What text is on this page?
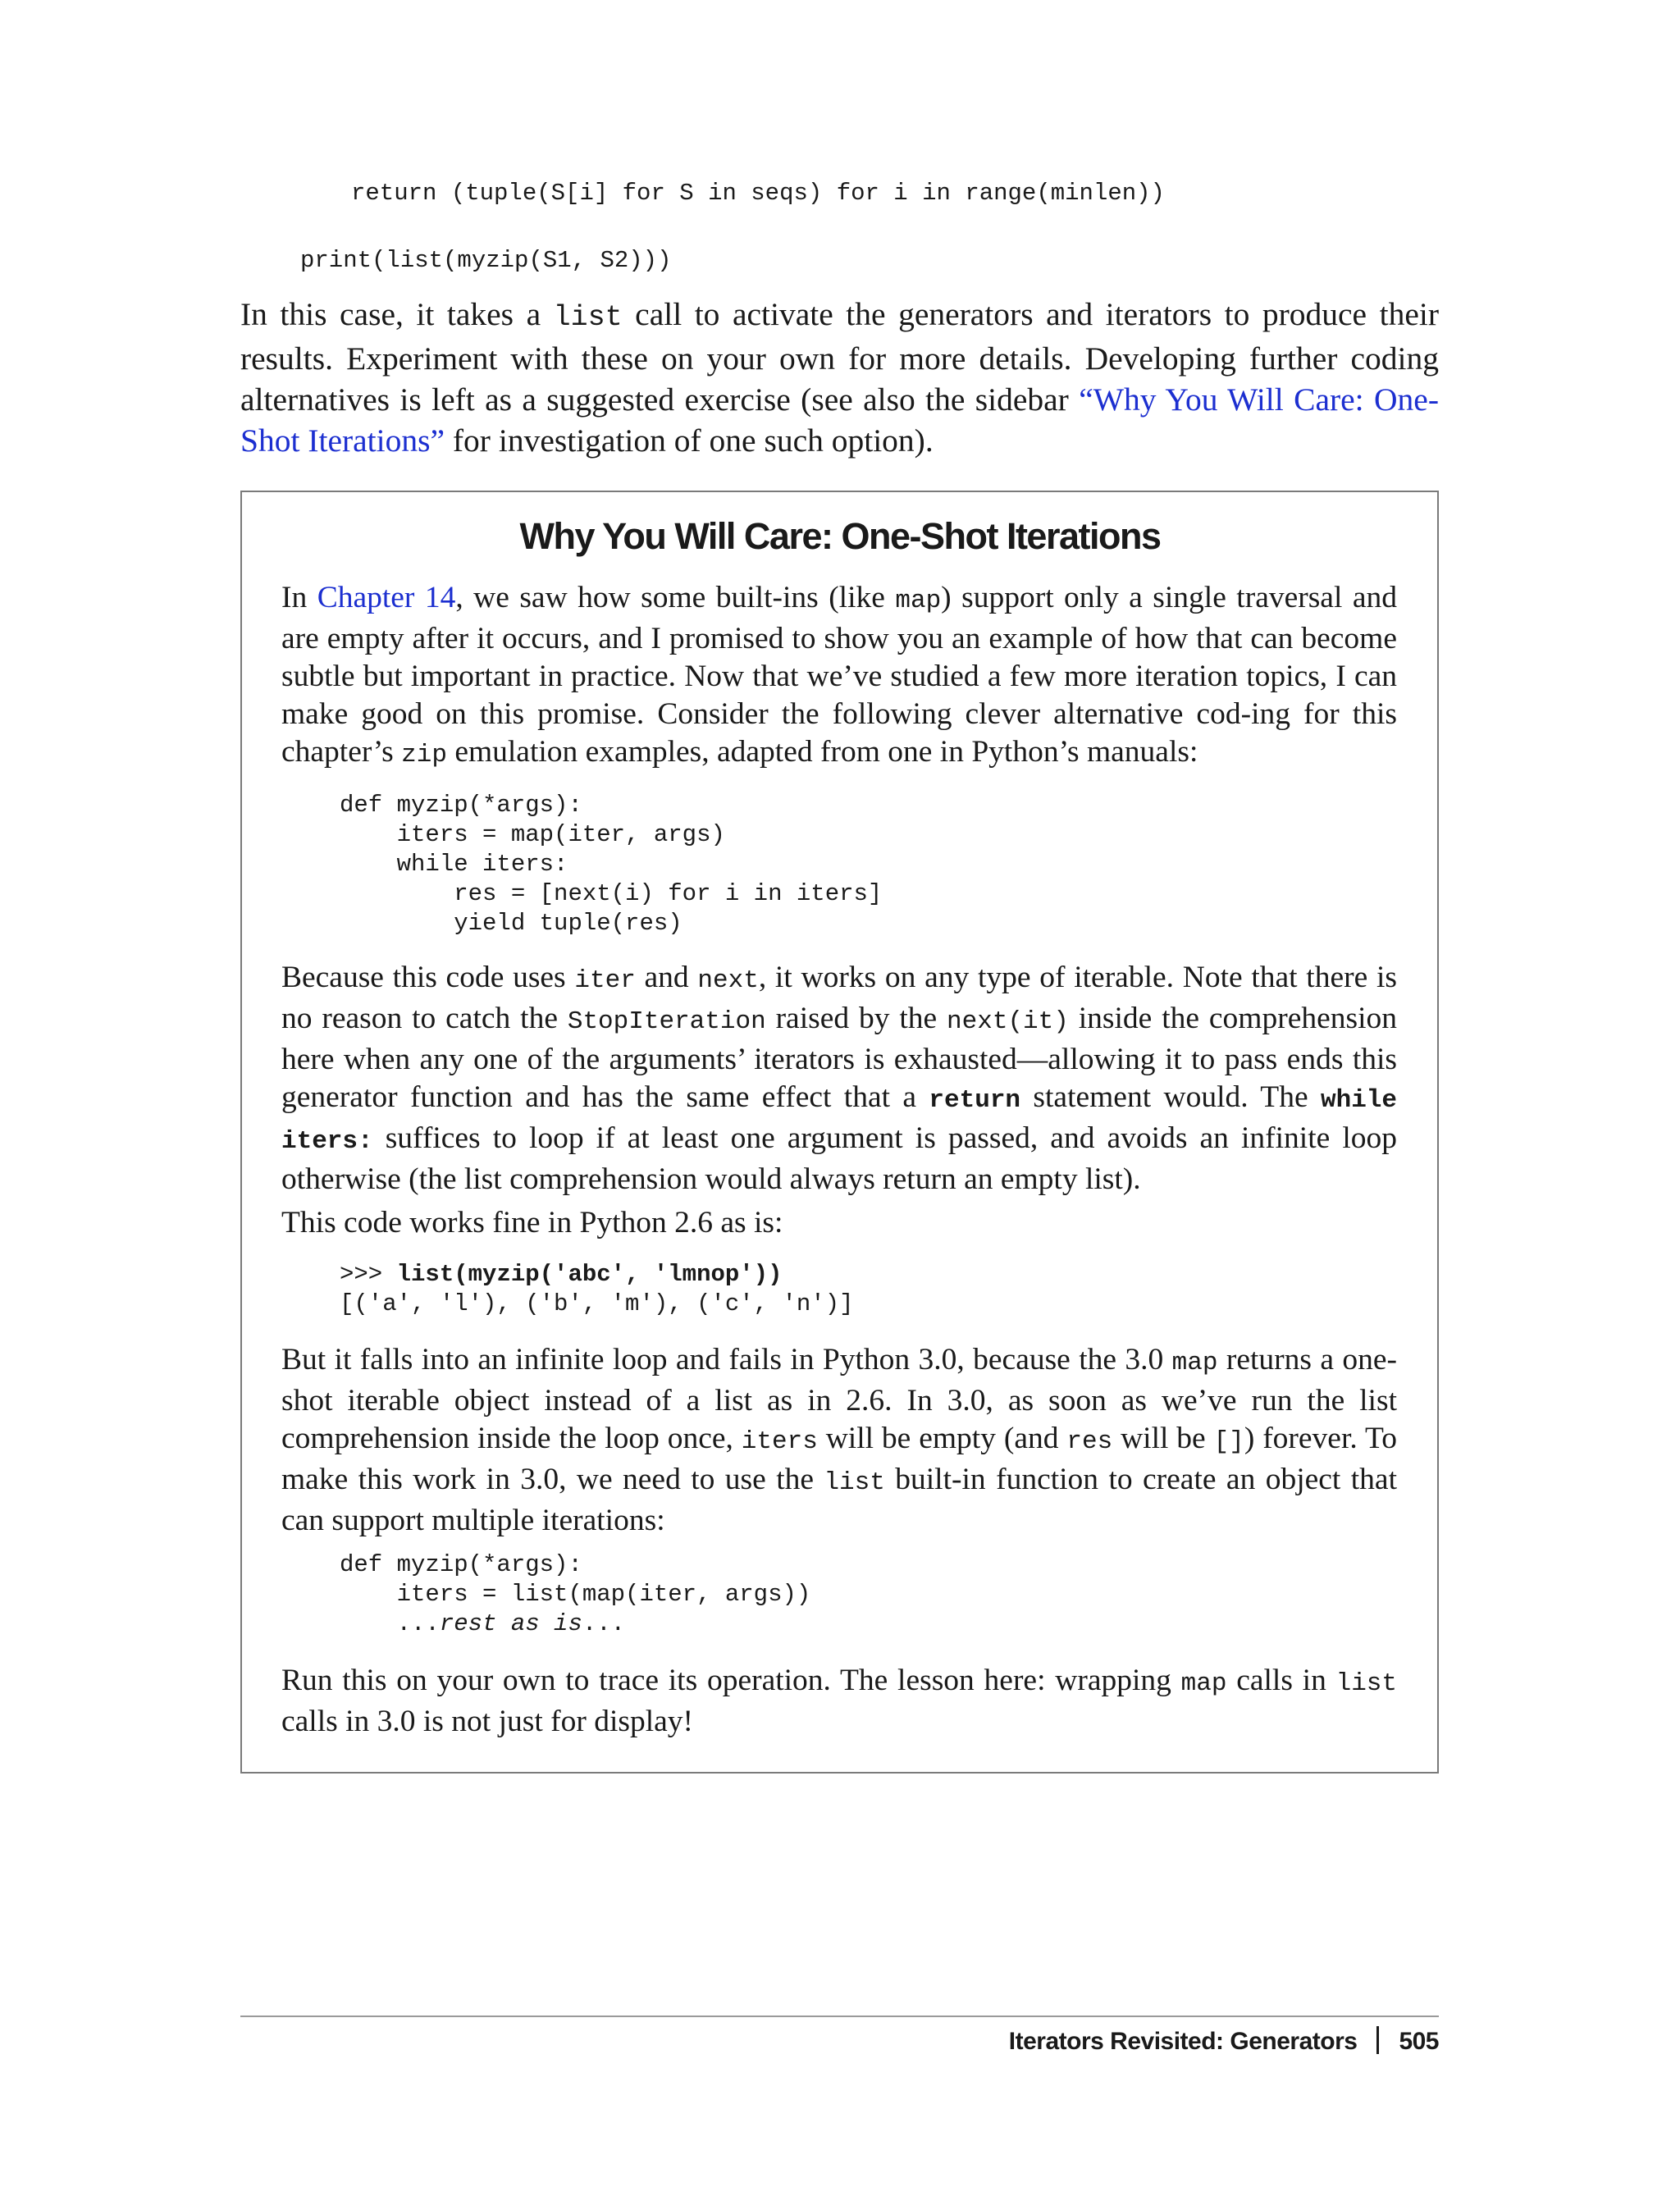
return (tuple(S[i] for S in seqs) for i in range(minlen))
print(list(myzip(S1, S2)))

In this case, it takes a list call to activate the generators and iterators to produce their results. Experiment with these on your own for more details. Developing further coding alternatives is left as a suggested exercise (see also the sidebar “Why You Will Care: One-Shot Iterations” for investigation of one such option).

Why You Will Care: One-Shot Iterations

In Chapter 14, we saw how some built-ins (like map) support only a single traversal and are empty after it occurs, and I promised to show you an example of how that can become subtle but important in practice. Now that we’ve studied a few more iteration topics, I can make good on this promise. Consider the following clever alternative cod-ing for this chapter’s zip emulation examples, adapted from one in Python’s manuals:

def myzip(*args):
iters = map(iter, args)
while iters:
res = [next(i) for i in iters]
yield tuple(res)

Because this code uses iter and next, it works on any type of iterable. Note that there is no reason to catch the StopIteration raised by the next(it) inside the comprehension here when any one of the arguments’ iterators is exhausted—allowing it to pass ends this generator function and has the same effect that a return statement would. The while iters: suffices to loop if at least one argument is passed, and avoids an infinite loop otherwise (the list comprehension would always return an empty list).

This code works fine in Python 2.6 as is:

>>> list(myzip('abc', 'lmnop'))
[('a', 'l'), ('b', 'm'), ('c', 'n')]

But it falls into an infinite loop and fails in Python 3.0, because the 3.0 map returns a one-shot iterable object instead of a list as in 2.6. In 3.0, as soon as we’ve run the list comprehension inside the loop once, iters will be empty (and res will be []) forever. To make this work in 3.0, we need to use the list built-in function to create an object that can support multiple iterations:

def myzip(*args):
iters = list(map(iter, args))
...rest as is...

Run this on your own to trace its operation. The lesson here: wrapping map calls in list calls in 3.0 is not just for display!

Iterators Revisited: Generators 505
